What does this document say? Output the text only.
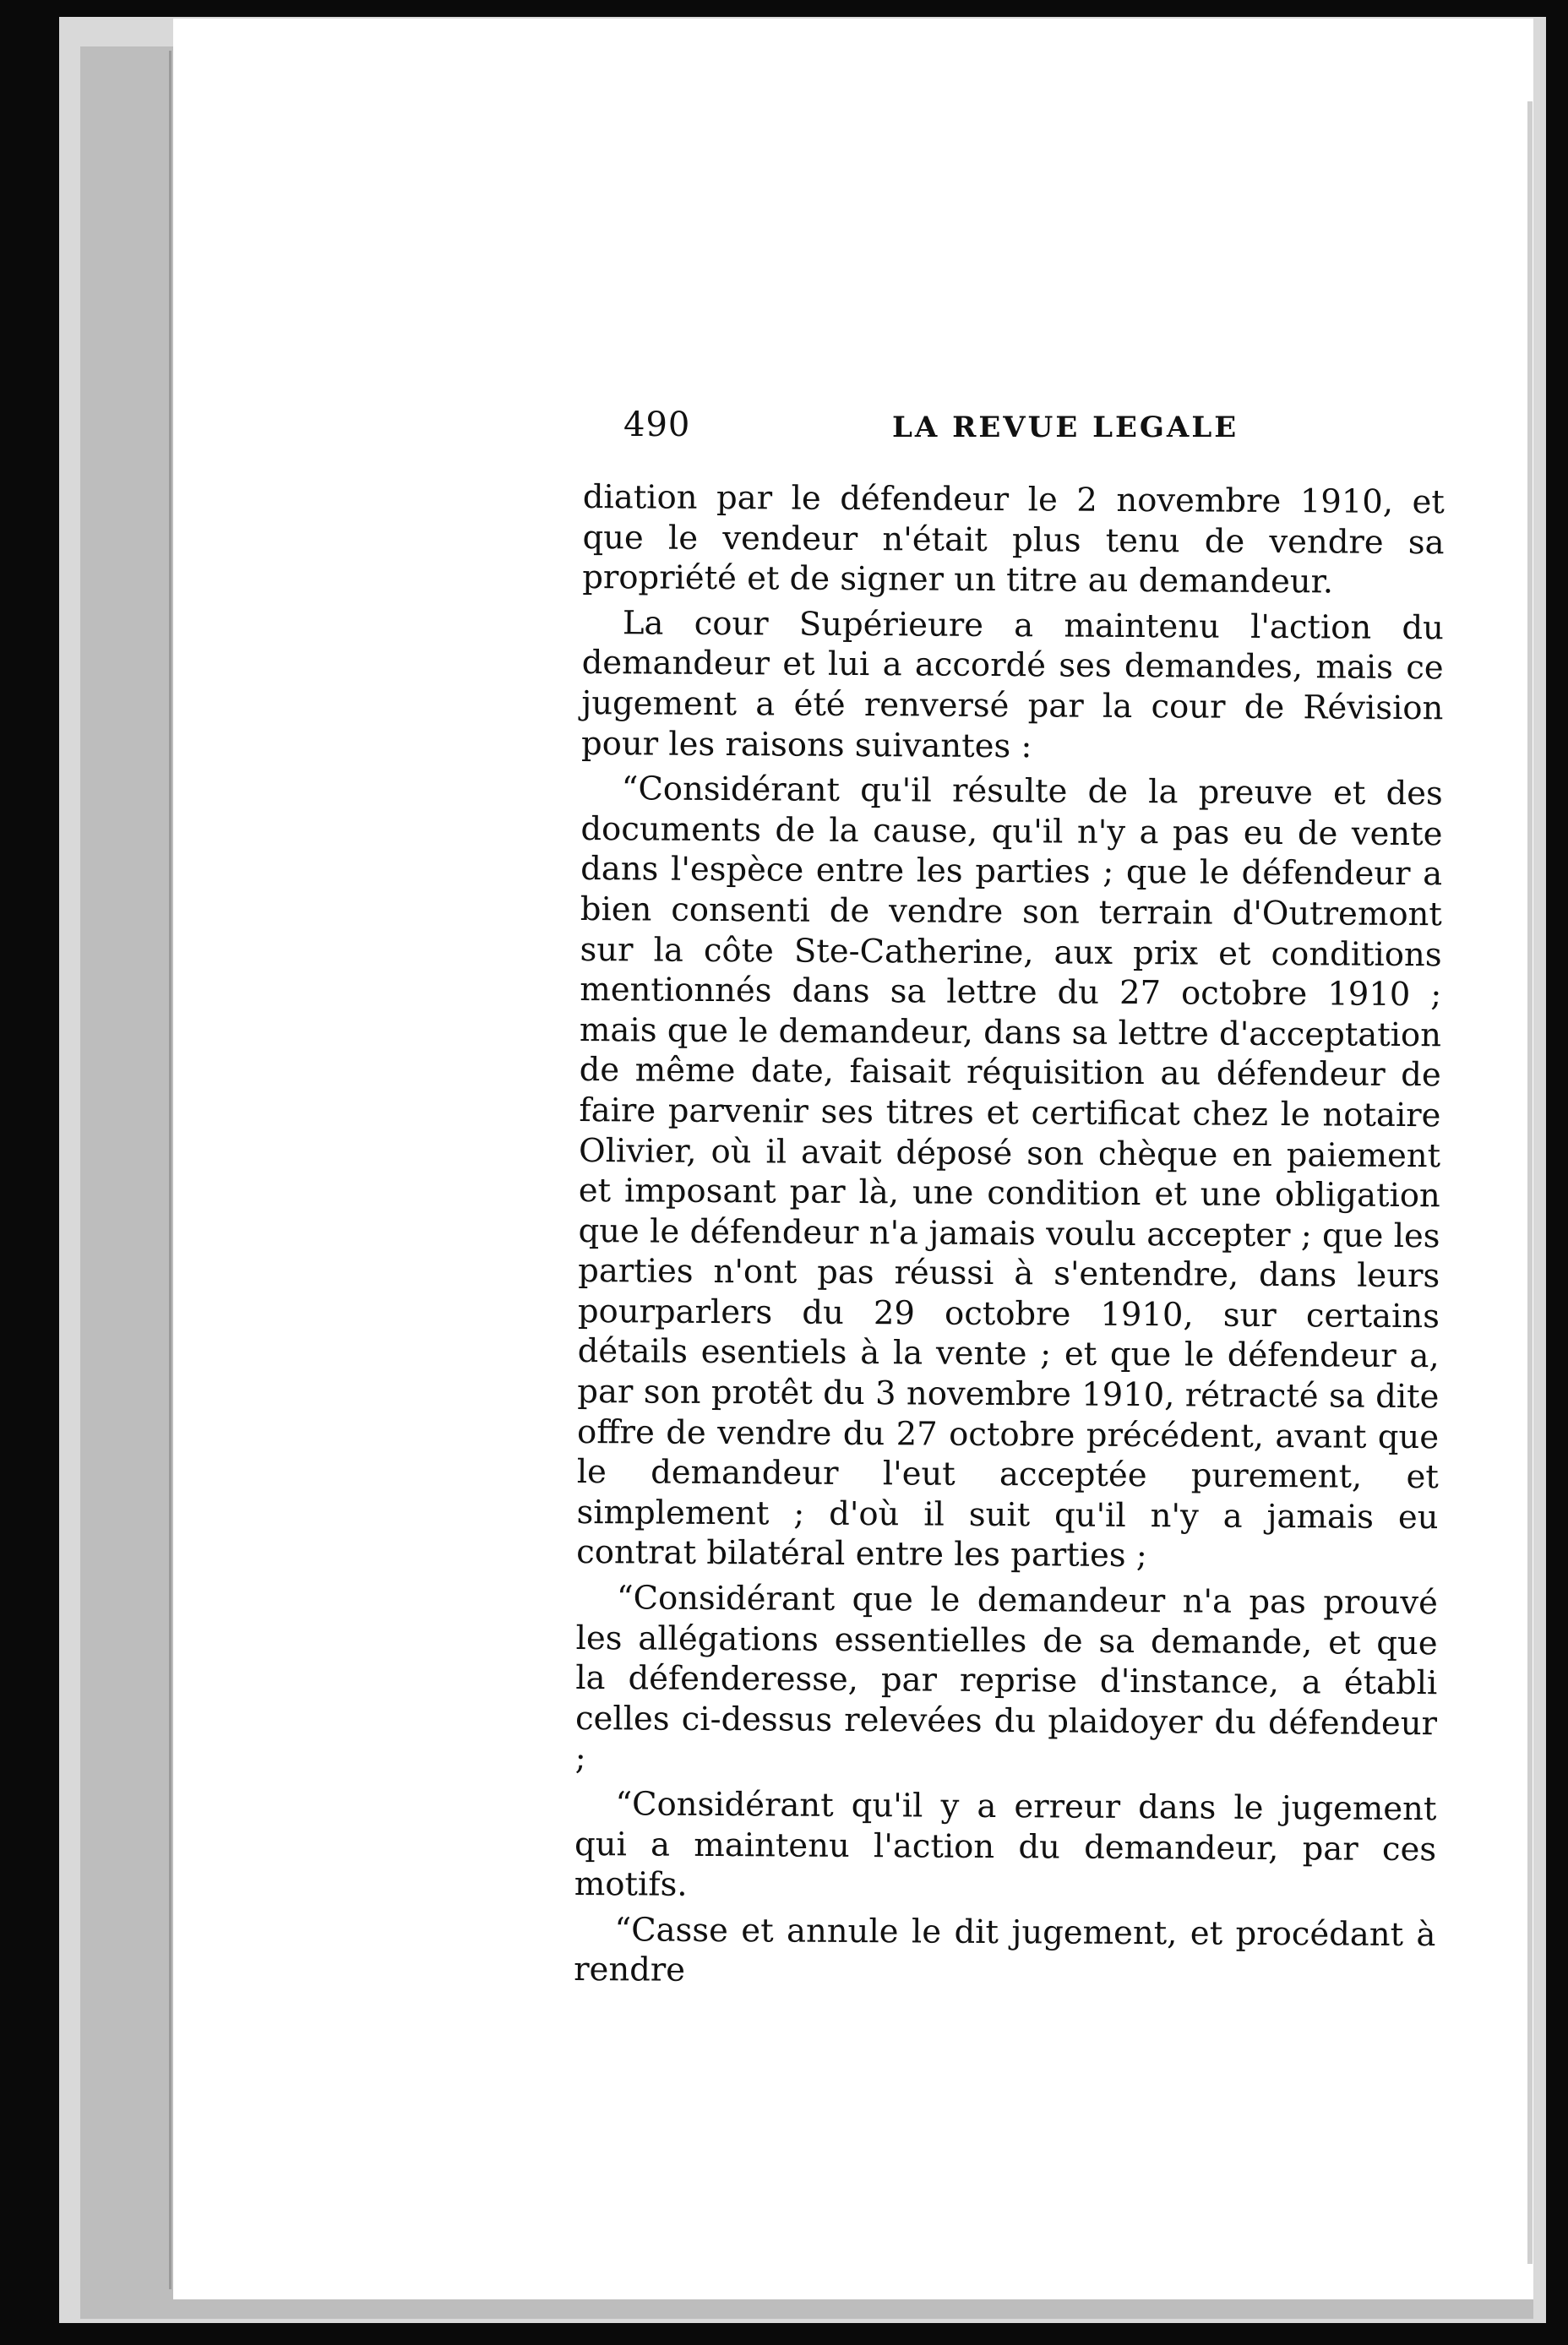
490	LA REVUE LEGALE

diation par le défendeur le 2 novembre 1910, et que le vendeur n'était plus tenu de vendre sa propriété et de signer un titre au demandeur.

La cour Supérieure a maintenu l'action du demandeur et lui a accordé ses demandes, mais ce jugement a été renversé par la cour de Révision pour les raisons suivantes :

“Considérant qu'il résulte de la preuve et des documents de la cause, qu'il n'y a pas eu de vente dans l'espèce entre les parties ; que le défendeur a bien consenti de vendre son terrain d'Outremont sur la côte Ste-Catherine, aux prix et conditions mentionnés dans sa lettre du 27 octobre 1910 ; mais que le demandeur, dans sa lettre d'acceptation de même date, faisait réquisition au défendeur de faire parvenir ses titres et certificat chez le notaire Olivier, où il avait déposé son chèque en paiement et imposant par là, une condition et une obligation que le défendeur n'a jamais voulu accepter ; que les parties n'ont pas réussi à s'entendre, dans leurs pourparlers du 29 octobre 1910, sur certains détails esentiels à la vente ; et que le défendeur a, par son protêt du 3 novembre 1910, rétracté sa dite offre de vendre du 27 octobre précédent, avant que le demandeur l'eut acceptée purement, et simplement ; d'où il suit qu'il n'y a jamais eu contrat bilatéral entre les parties ;

“Considérant que le demandeur n'a pas prouvé les allégations essentielles de sa demande, et que la défenderesse, par reprise d'instance, a établi celles ci-dessus relevées du plaidoyer du défendeur ;

“Considérant qu'il y a erreur dans le jugement qui a maintenu l'action du demandeur, par ces motifs.

“Casse et annule le dit jugement, et procédant à rendre
